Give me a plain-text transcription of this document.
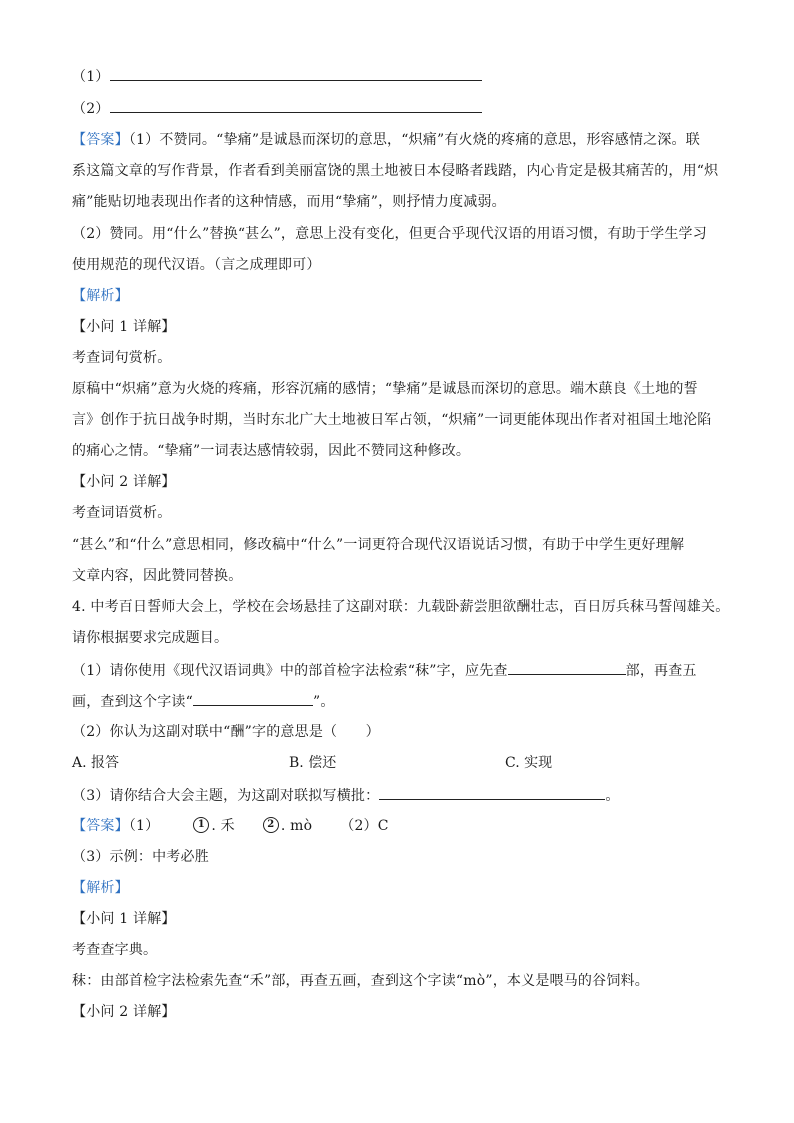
（1）
（2）
【答案】（1）不赞同。“挚痛”是诚恳而深切的意思，“炽痛”有火烧的疼痛的意思，形容感情之深。联
系这篇文章的写作背景，作者看到美丽富饶的黑土地被日本侵略者践踏，内心肯定是极其痛苦的，用“炽
痛”能贴切地表现出作者的这种情感，而用“挚痛”，则抒情力度减弱。
（2）赞同。用“什么”替换“甚么”，意思上没有变化，但更合乎现代汉语的用语习惯，有助于学生学习
使用规范的现代汉语。（言之成理即可）
【解析】
【小问 1 详解】
考查词句赏析。
原稿中“炽痛”意为火烧的疼痛，形容沉痛的感情；“挚痛”是诚恳而深切的意思。端木蕻良《土地的誓
言》创作于抗日战争时期，当时东北广大土地被日军占领，“炽痛”一词更能体现出作者对祖国土地沦陷
的痛心之情。“挚痛”一词表达感情较弱，因此不赞同这种修改。
【小问 2 详解】
考查词语赏析。
“甚么”和“什么”意思相同，修改稿中“什么”一词更符合现代汉语说话习惯，有助于中学生更好理解
文章内容，因此赞同替换。
4. 中考百日誓师大会上，学校在会场悬挂了这副对联：九载卧薪尝胆欲酬壮志，百日厉兵秣马誓闯雄关。
请你根据要求完成题目。
（1）请你使用《现代汉语词典》中的部首检字法检索“秣”字，应先查	部，再查五
画，查到这个字读“	”。
（2）你认为这副对联中“酬”字的意思是（　　）
A. 报答	B. 偿还	C. 实现
（3）请你结合大会主题，为这副对联拟写横批：	。
【答案】（1）	1 . 禾	2 . mò （2）C
（3）示例：中考必胜
【解析】
【小问 1 详解】
考查查字典。
秣：由部首检字法检索先查“禾”部，再查五画，查到这个字读“mò”，本义是喂马的谷饲料。
【小问 2 详解】
